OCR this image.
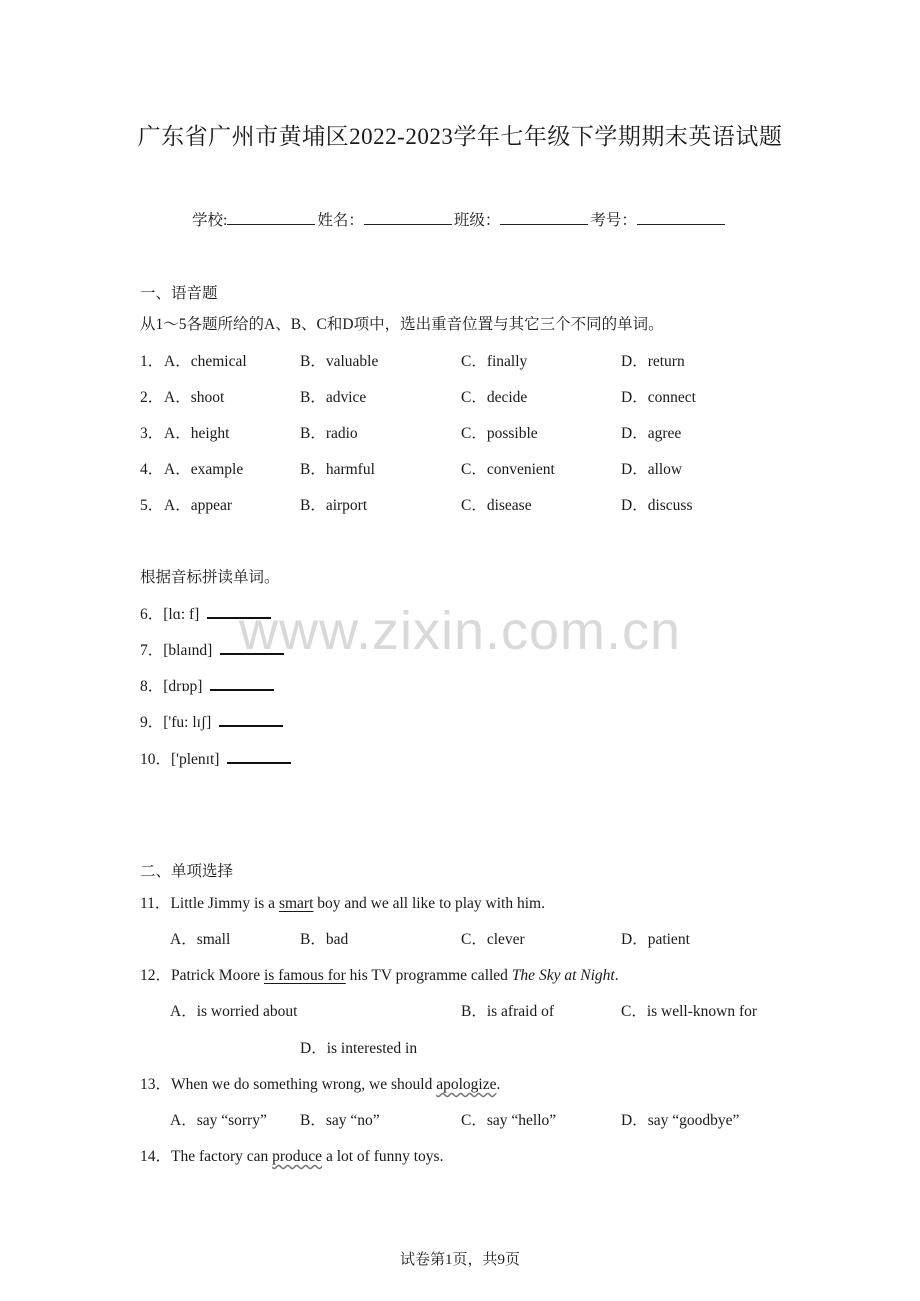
广东省广州市黄埔区2022-2023学年七年级下学期期末英语试题
学校:	姓名：	班级：	考号：
一、语音题
从1～5各题所给的A、B、C和D项中，选出重音位置与其它三个不同的单词。
1． A．chemical	B．valuable	C．finally	D．return
2． A．shoot	B．advice	C．decide	D．connect
3． A．height	B．radio	C．possible	D．agree
4． A．example	B．harmful	C．convenient	D．allow
5． A．appear	B．airport	C．disease	D．discuss
根据音标拼读单词。
6．[lɑ: f]
7．[blaɪnd]
8．[drɒp]
9．['fu: lɪʃ]
10．['plenɪt]
www.zixin.com.cn
二、单项选择
11．Little Jimmy is a smart boy and we all like to play with him.
A．small	B．bad	C．clever	D．patient
12．Patrick Moore is famous for his TV programme called The Sky at Night.
A．is worried about	B．is afraid of	C．is well-known for
D．is interested in
13．When we do something wrong, we should apologize.
A．say “sorry” B．say “no”	C．say “hello”	D．say “goodbye”
14．The factory can produce a lot of funny toys.
试卷第1页，共9页
